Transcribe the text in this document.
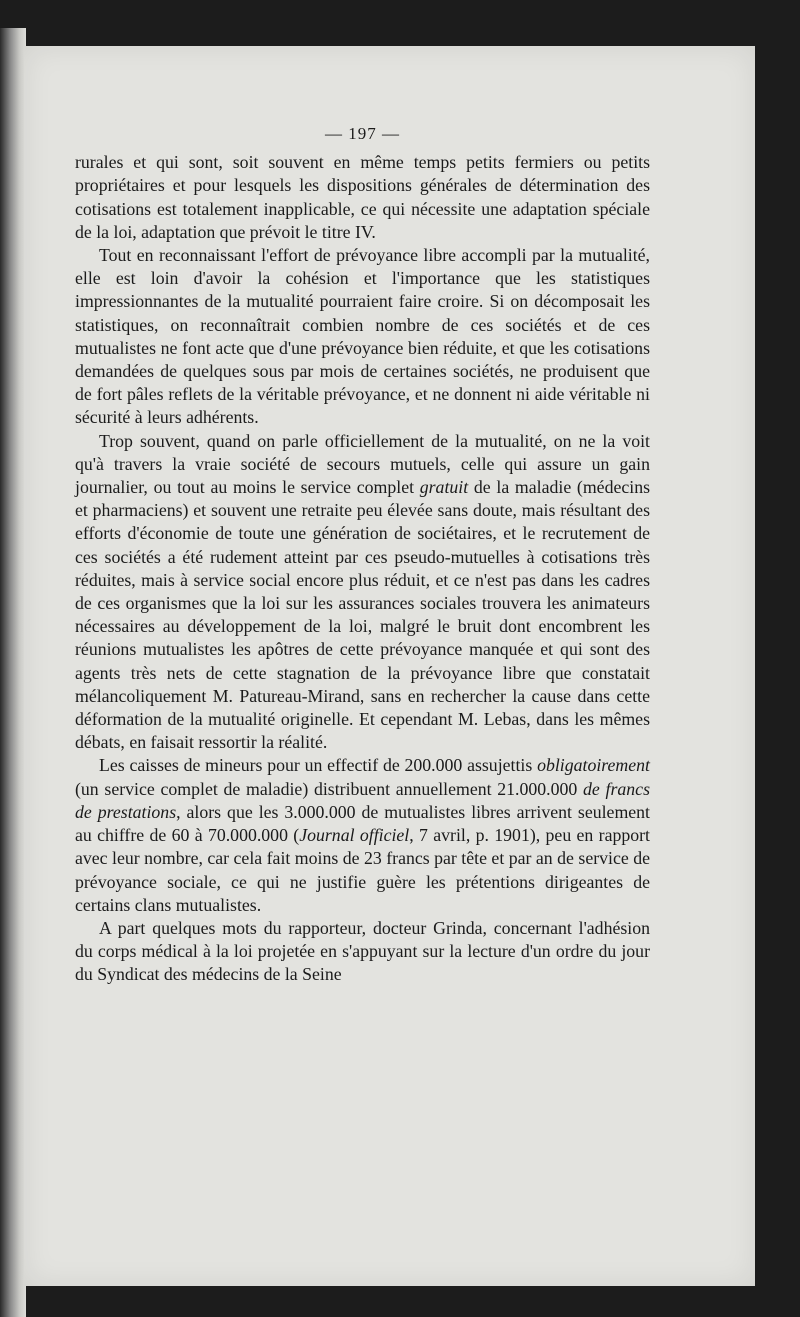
— 197 —

rurales et qui sont, soit souvent en même temps petits fermiers ou petits propriétaires et pour lesquels les dispositions générales de détermination des cotisations est totalement inapplicable, ce qui nécessite une adaptation spéciale de la loi, adaptation que prévoit le titre IV.

Tout en reconnaissant l'effort de prévoyance libre accompli par la mutualité, elle est loin d'avoir la cohésion et l'importance que les statistiques impressionnantes de la mutualité pourraient faire croire. Si on décomposait les statistiques, on reconnaîtrait combien nombre de ces sociétés et de ces mutualistes ne font acte que d'une prévoyance bien réduite, et que les cotisations demandées de quelques sous par mois de certaines sociétés, ne produisent que de fort pâles reflets de la véritable prévoyance, et ne donnent ni aide véritable ni sécurité à leurs adhérents.

Trop souvent, quand on parle officiellement de la mutualité, on ne la voit qu'à travers la vraie société de secours mutuels, celle qui assure un gain journalier, ou tout au moins le service complet gratuit de la maladie (médecins et pharmaciens) et souvent une retraite peu élevée sans doute, mais résultant des efforts d'économie de toute une génération de sociétaires, et le recrutement de ces sociétés a été rudement atteint par ces pseudo-mutuelles à cotisations très réduites, mais à service social encore plus réduit, et ce n'est pas dans les cadres de ces organismes que la loi sur les assurances sociales trouvera les animateurs nécessaires au développement de la loi, malgré le bruit dont encombrent les réunions mutualistes les apôtres de cette prévoyance manquée et qui sont des agents très nets de cette stagnation de la prévoyance libre que constatait mélancoliquement M. Patureau-Mirand, sans en rechercher la cause dans cette déformation de la mutualité originelle. Et cependant M. Lebas, dans les mêmes débats, en faisait ressortir la réalité.

Les caisses de mineurs pour un effectif de 200.000 assujettis obligatoirement (un service complet de maladie) distribuent annuellement 21.000.000 de francs de prestations, alors que les 3.000.000 de mutualistes libres arrivent seulement au chiffre de 60 à 70.000.000 (Journal officiel, 7 avril, p. 1901), peu en rapport avec leur nombre, car cela fait moins de 23 francs par tête et par an de service de prévoyance sociale, ce qui ne justifie guère les prétentions dirigeantes de certains clans mutualistes.

A part quelques mots du rapporteur, docteur Grinda, concernant l'adhésion du corps médical à la loi projetée en s'appuyant sur la lecture d'un ordre du jour du Syndicat des médecins de la Seine
